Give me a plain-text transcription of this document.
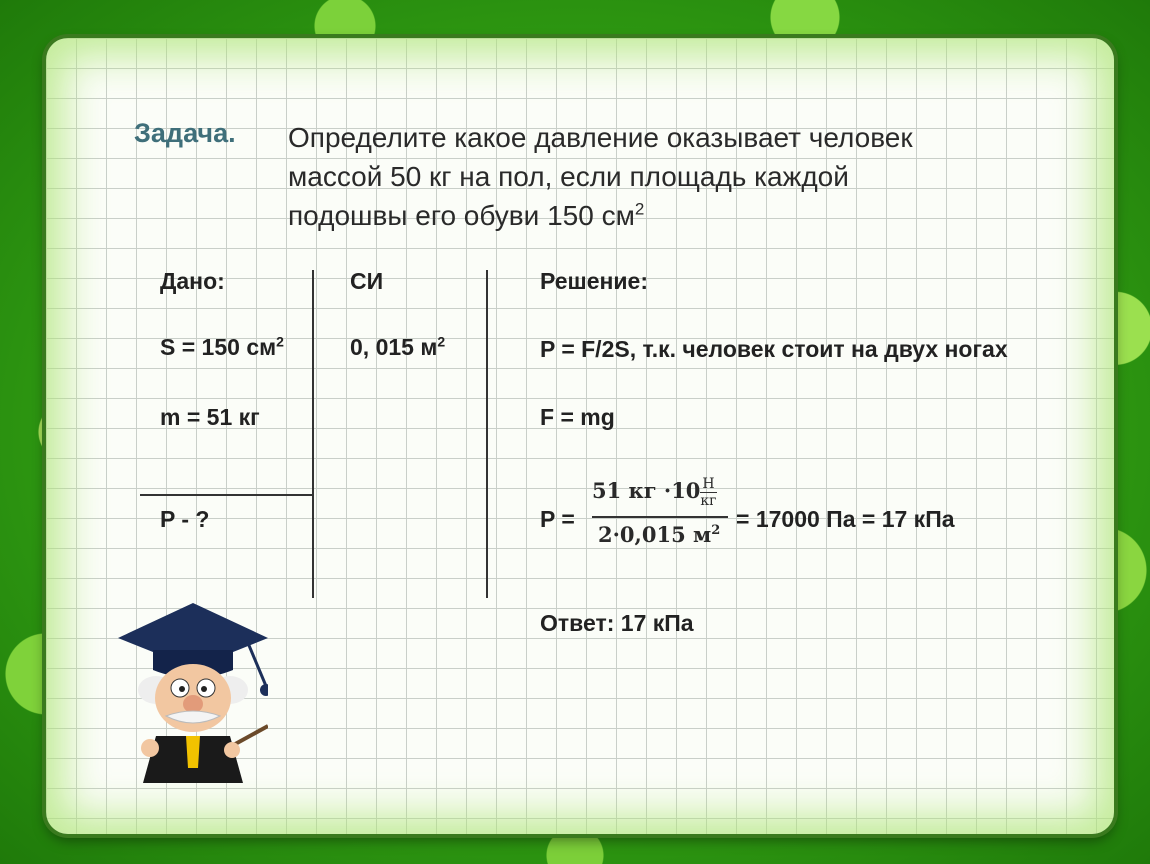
Задача. Определите какое давление оказывает человек
массой 50 кг на пол, если площадь каждой
подошвы его обуви 150 $см^2$
Дано:
S = 150 $см^2$
m = 51 кг
P - ?
СИ
0, 015 $м^2$
Решение:
P = F/2S, т.к. человек стоит на двух ногах
F = mg
P =
51 кг ·10 Н
кг
2·0,015 $м^2 = 17000$ Па = 17 кПа
Ответ: 17 кПа
